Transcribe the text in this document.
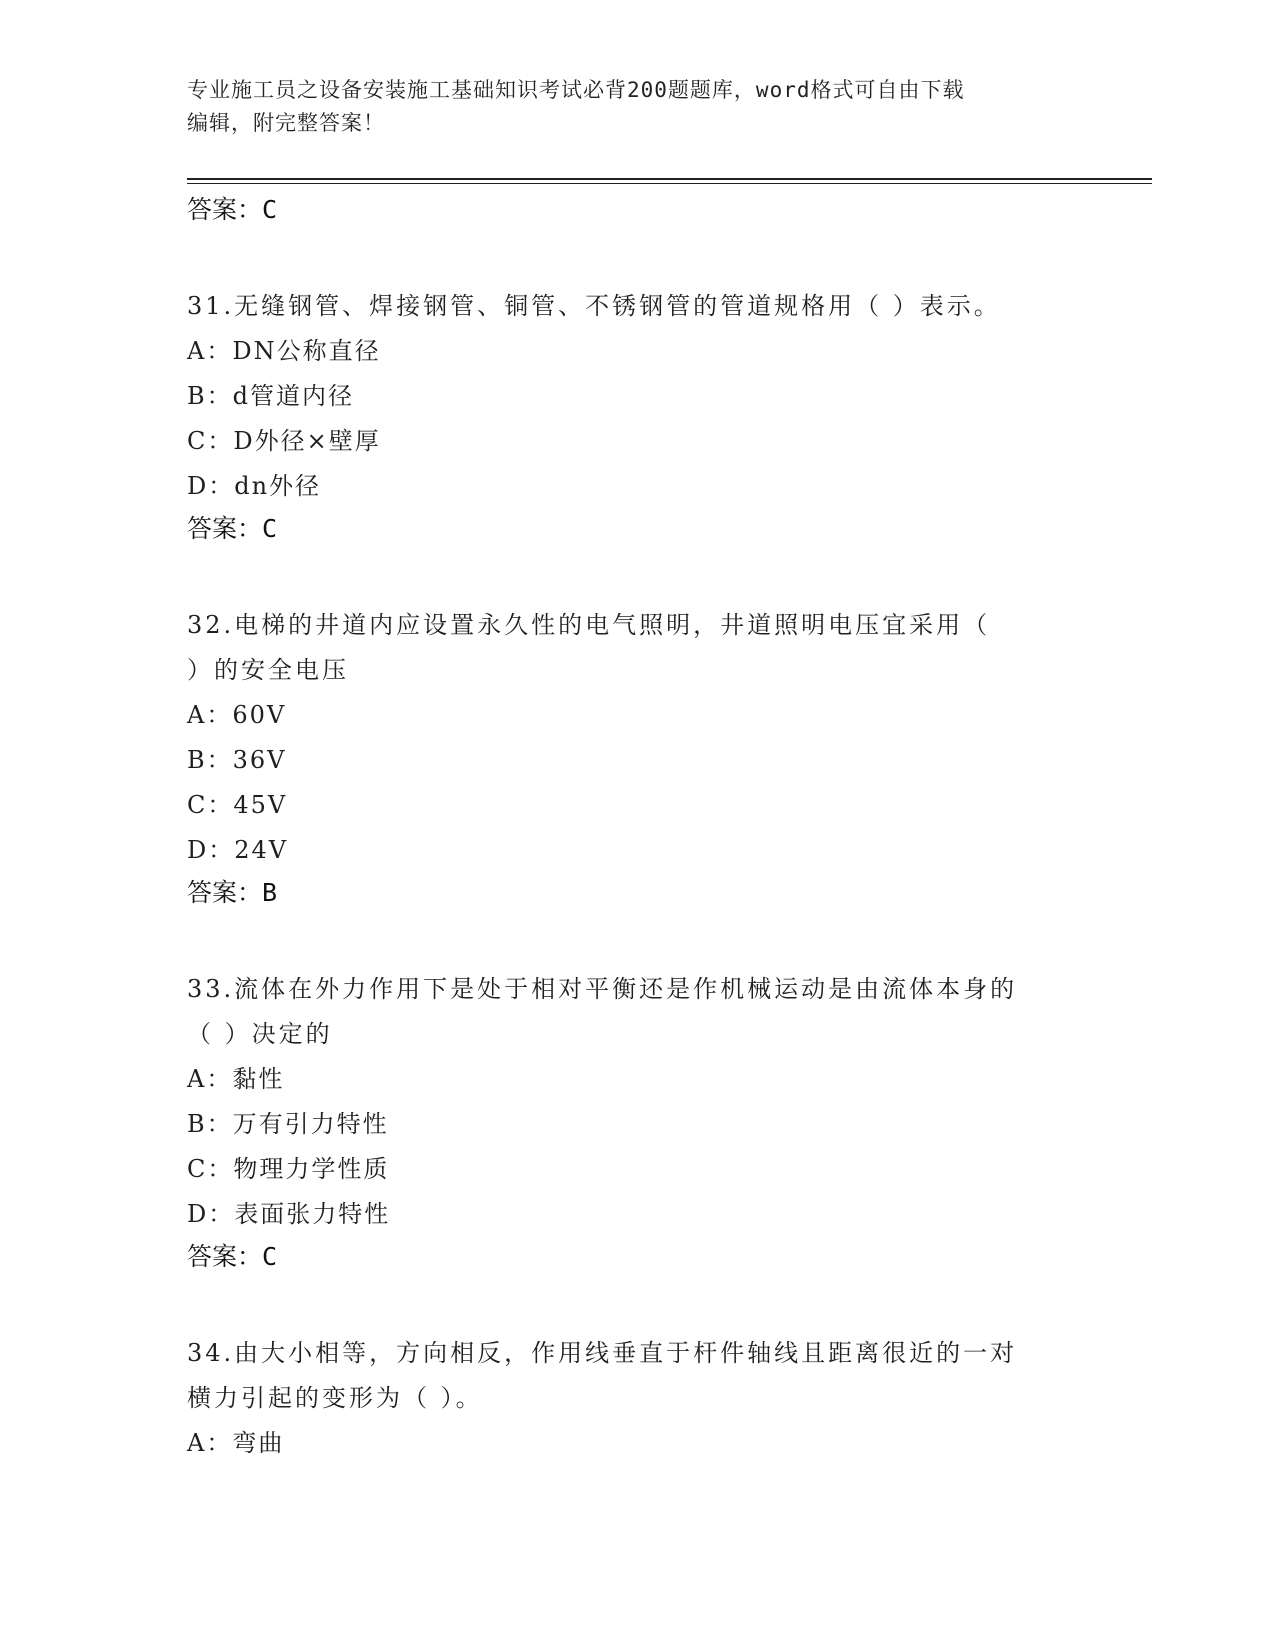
专业施工员之设备安装施工基础知识考试必背200题题库，word格式可自由下载
编辑，附完整答案！
答案：C
31.无缝钢管、焊接钢管、铜管、不锈钢管的管道规格用（ ）表示。
A：DN公称直径
B：d管道内径
C：D外径×壁厚
D：dn外径
答案：C
32.电梯的井道内应设置永久性的电气照明，井道照明电压宜采用（
）的安全电压
A：60V
B：36V
C：45V
D：24V
答案：B
33.流体在外力作用下是处于相对平衡还是作机械运动是由流体本身的
（ ）决定的
A：黏性
B：万有引力特性
C：物理力学性质
D：表面张力特性
答案：C
34.由大小相等，方向相反，作用线垂直于杆件轴线且距离很近的一对
横力引起的变形为（ ）。
A：弯曲
